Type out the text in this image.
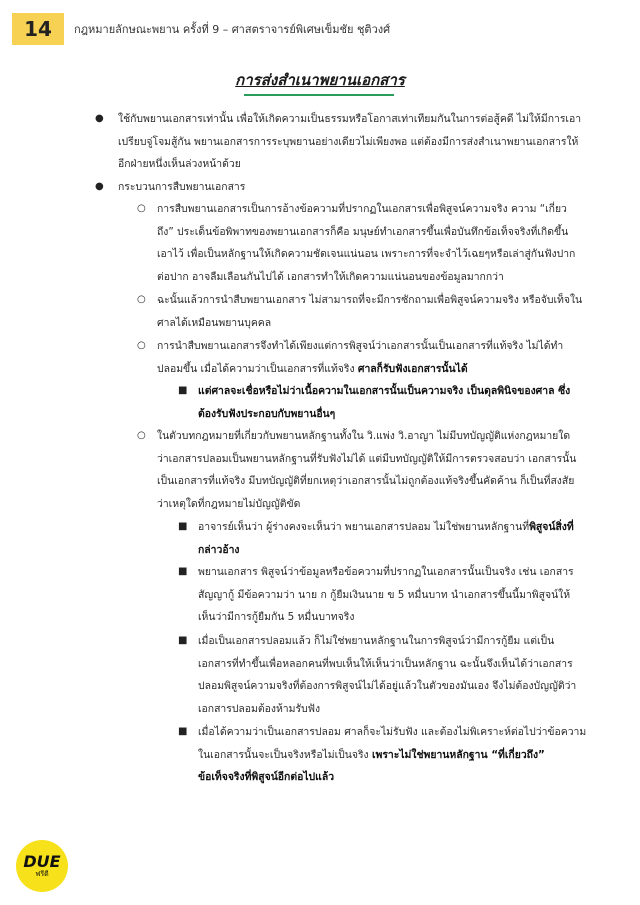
14	กฎหมายลักษณะพยาน ครั้งที่ 9 – ศาสตราจารย์พิเศษเข็มชัย ชุติวงศ์
การส่งสำเนาพยานเอกสาร
● ใช้กับพยานเอกสารเท่านั้น เพื่อให้เกิดความเป็นธรรมหรือโอกาสเท่าเทียมกันในการต่อสู้คดี ไม่ให้มีการเอา
เปรียบจู่โจมสู้กัน พยานเอกสารการระบุพยานอย่างเดียวไม่เพียงพอ แต่ต้องมีการส่งสำเนาพยานเอกสารให้
อีกฝ่ายหนึ่งเห็นล่วงหน้าด้วย
● กระบวนการสืบพยานเอกสาร
○ การสืบพยานเอกสารเป็นการอ้างข้อความที่ปรากฏในเอกสารเพื่อพิสูจน์ความจริง ความ “เกี่ยว
ถึง” ประเด็นข้อพิพาทของพยานเอกสารก็คือ มนุษย์ทำเอกสารขึ้นเพื่อบันทึกข้อเท็จจริงที่เกิดขึ้น
เอาไว้ เพื่อเป็นหลักฐานให้เกิดความชัดเจนแน่นอน เพราะการที่จะจำไว้เฉยๆหรือเล่าสู่กันฟังปาก
ต่อปาก อาจลืมเลือนกันไปได้ เอกสารทำให้เกิดความแน่นอนของข้อมูลมากกว่า
○ ฉะนั้นแล้วการนำสืบพยานเอกสาร ไม่สามารถที่จะมีการซักถามเพื่อพิสูจน์ความจริง หรือจับเท็จใน
ศาลได้เหมือนพยานบุคคล
○ การนำสืบพยานเอกสารจึงทำได้เพียงแต่การพิสูจน์ว่าเอกสารนั้นเป็นเอกสารที่แท้จริง ไม่ได้ทำ
ปลอมขึ้น เมื่อได้ความว่าเป็นเอกสารที่แท้จริง ศาลก็รับฟังเอกสารนั้นได้
■ แต่ศาลจะเชื่อหรือไม่ว่าเนื้อความในเอกสารนั้นเป็นความจริง เป็นดุลพินิจของศาล ซึ่ง
ต้องรับฟังประกอบกับพยานอื่นๆ
○ ในตัวบทกฎหมายที่เกี่ยวกับพยานหลักฐานทั้งใน วิ.แพ่ง วิ.อาญา ไม่มีบทบัญญัติแห่งกฎหมายใด
ว่าเอกสารปลอมเป็นพยานหลักฐานที่รับฟังไม่ได้ แต่มีบทบัญญัติให้มีการตรวจสอบว่า เอกสารนั้น
เป็นเอกสารที่แท้จริง มีบทบัญญัติที่ยกเหตุว่าเอกสารนั้นไม่ถูกต้องแท้จริงขึ้นคัดค้าน ก็เป็นที่สงสัย
ว่าเหตุใดที่กฎหมายไม่บัญญัติขัด
■ อาจารย์เห็นว่า ผู้ร่างคงจะเห็นว่า พยานเอกสารปลอม ไม่ใช่พยานหลักฐานที่พิสูจน์สิ่งที่
กล่าวอ้าง
■ พยานเอกสาร พิสูจน์ว่าข้อมูลหรือข้อความที่ปรากฏในเอกสารนั้นเป็นจริง เช่น เอกสาร
สัญญากู้ มีข้อความว่า นาย ก กู้ยืมเงินนาย ข 5 หมื่นบาท นำเอกสารขึ้นนี้มาพิสูจน์ให้
เห็นว่ามีการกู้ยืมกัน 5 หมื่นบาทจริง
■ เมื่อเป็นเอกสารปลอมแล้ว ก็ไม่ใช่พยานหลักฐานในการพิสูจน์ว่ามีการกู้ยืม แต่เป็น
เอกสารที่ทำขึ้นเพื่อหลอกคนที่พบเห็นให้เห็นว่าเป็นหลักฐาน ฉะนั้นจึงเห็นได้ว่าเอกสาร
ปลอมพิสูจน์ความจริงที่ต้องการพิสูจน์ไม่ได้อยู่แล้วในตัวของมันเอง จึงไม่ต้องบัญญัติว่า
เอกสารปลอมต้องห้ามรับฟัง
■ เมื่อได้ความว่าเป็นเอกสารปลอม ศาลก็จะไม่รับฟัง และต้องไม่พิเคราะห์ต่อไปว่าข้อความ
ในเอกสารนั้นจะเป็นจริงหรือไม่เป็นจริง เพราะไม่ใช่พยานหลักฐาน “ที่เกี่ยวถึง”
ข้อเท็จจริงที่พิสูจน์อีกต่อไปแล้ว
DUE
ฟรีดี
